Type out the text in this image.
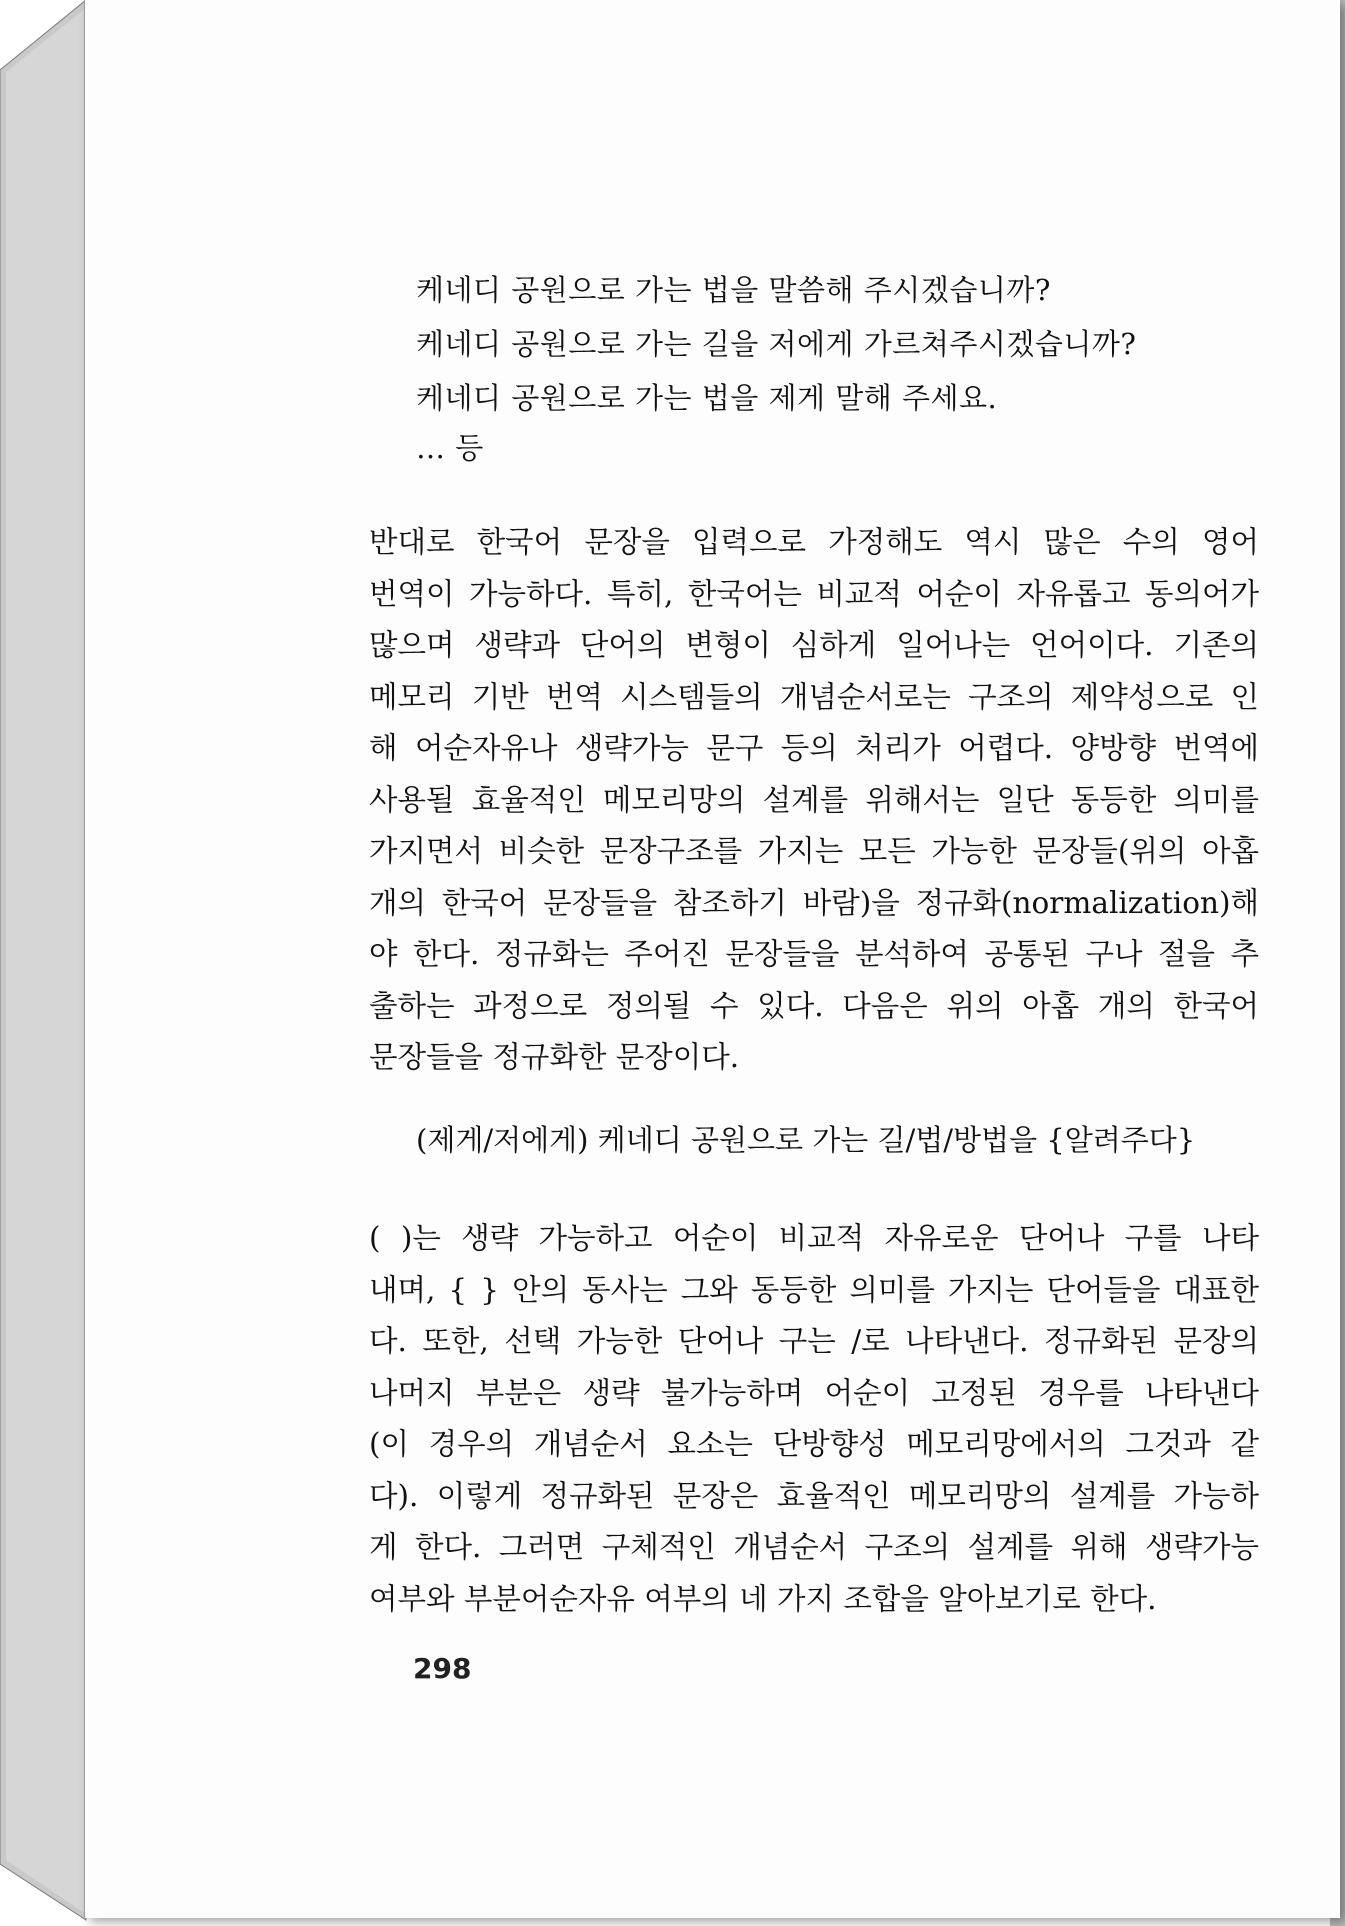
케네디 공원으로 가는 법을 말씀해 주시겠습니까?
케네디 공원으로 가는 길을 저에게 가르쳐주시겠습니까?
케네디 공원으로 가는 법을 제게 말해 주세요.
… 등
반대로 한국어 문장을 입력으로 가정해도 역시 많은 수의 영어
번역이 가능하다. 특히, 한국어는 비교적 어순이 자유롭고 동의어가
많으며 생략과 단어의 변형이 심하게 일어나는 언어이다. 기존의
메모리 기반 번역 시스템들의 개념순서로는 구조의 제약성으로 인
해 어순자유나 생략가능 문구 등의 처리가 어렵다. 양방향 번역에
사용될 효율적인 메모리망의 설계를 위해서는 일단 동등한 의미를
가지면서 비슷한 문장구조를 가지는 모든 가능한 문장들(위의 아홉
개의 한국어 문장들을 참조하기 바람)을 정규화(normalization)해
야 한다. 정규화는 주어진 문장들을 분석하여 공통된 구나 절을 추
출하는 과정으로 정의될 수 있다. 다음은 위의 아홉 개의 한국어
문장들을 정규화한 문장이다.
(제게/저에게) 케네디 공원으로 가는 길/법/방법을 {알려주다}
( )는 생략 가능하고 어순이 비교적 자유로운 단어나 구를 나타
내며, { } 안의 동사는 그와 동등한 의미를 가지는 단어들을 대표한
다. 또한, 선택 가능한 단어나 구는 /로 나타낸다. 정규화된 문장의
나머지 부분은 생략 불가능하며 어순이 고정된 경우를 나타낸다
(이 경우의 개념순서 요소는 단방향성 메모리망에서의 그것과 같
다). 이렇게 정규화된 문장은 효율적인 메모리망의 설계를 가능하
게 한다. 그러면 구체적인 개념순서 구조의 설계를 위해 생략가능
여부와 부분어순자유 여부의 네 가지 조합을 알아보기로 한다.
298
